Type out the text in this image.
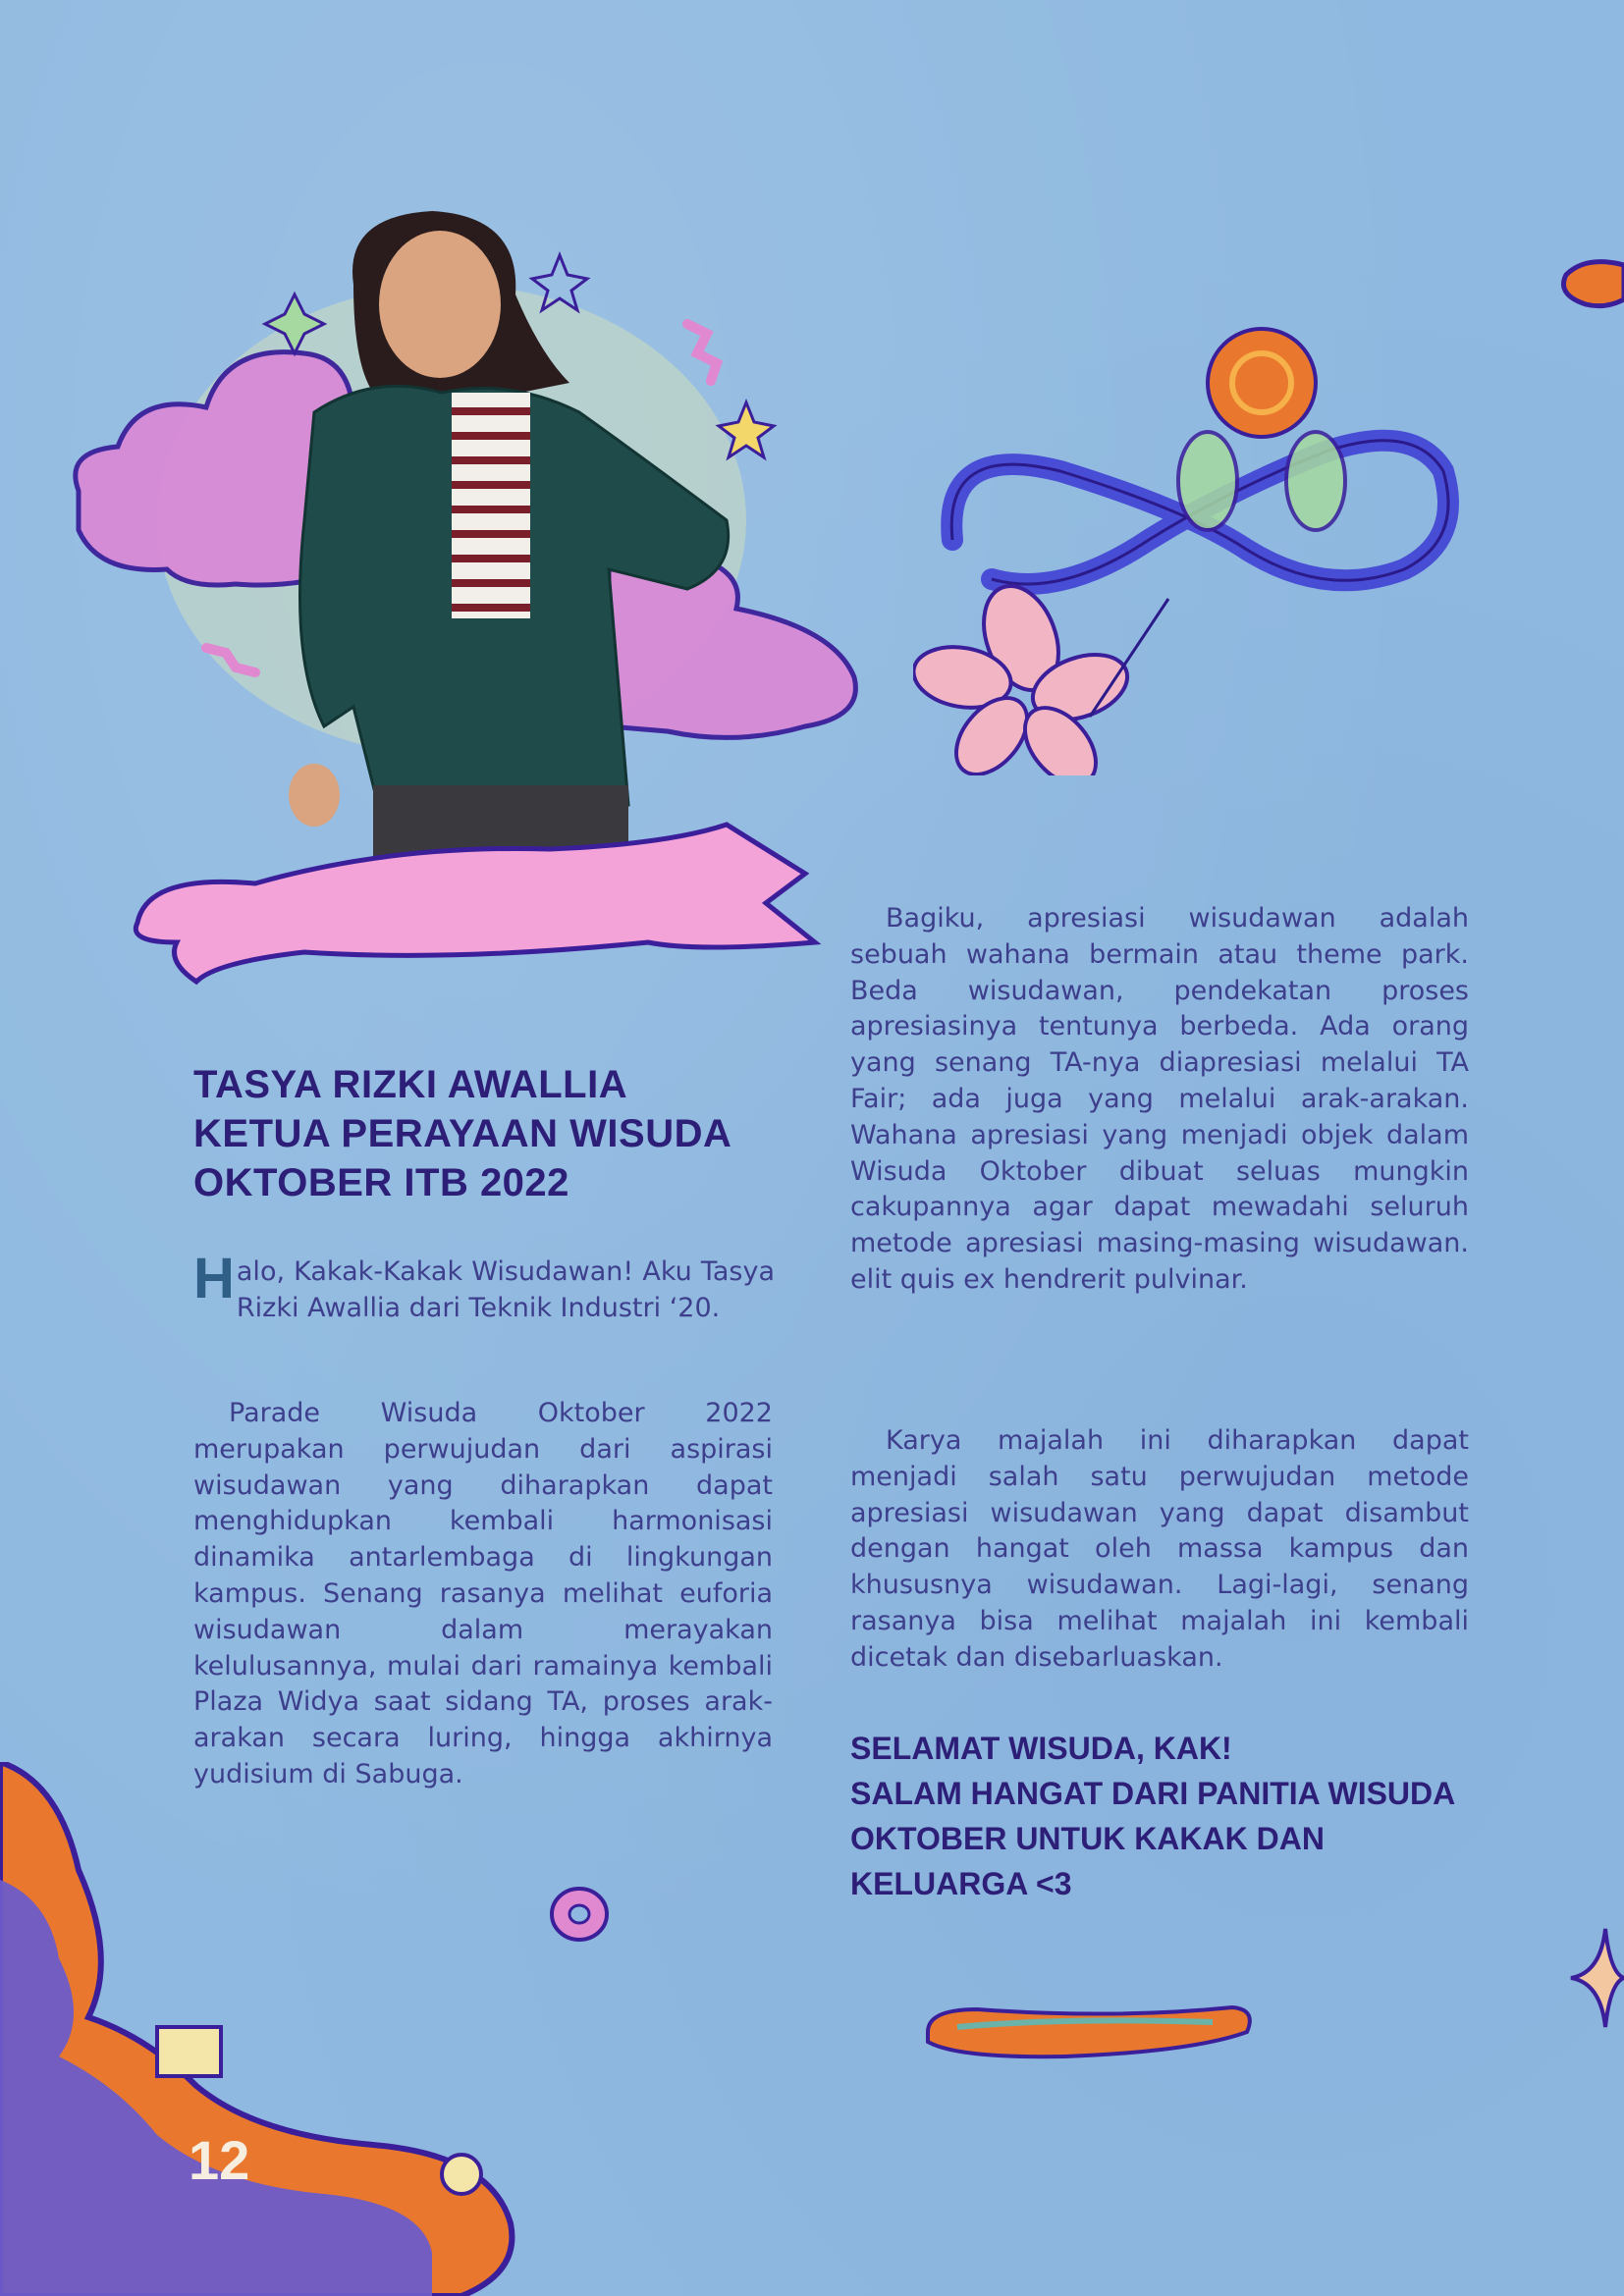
TASYA RIZKI AWALLIA
KETUA PERAYAAN WISUDA
OKTOBER ITB 2022

Halo, Kakak-Kakak Wisudawan! Aku Tasya Rizki Awallia dari Teknik Industri ‘20.

Parade Wisuda Oktober 2022 merupakan perwujudan dari aspirasi wisudawan yang diharapkan dapat menghidupkan kembali harmonisasi dinamika antarlembaga di lingkungan kampus. Senang rasanya melihat euforia wisudawan dalam merayakan kelulusannya, mulai dari ramainya kembali Plaza Widya saat sidang TA, proses arak-arakan secara luring, hingga akhirnya yudisium di Sabuga.

Bagiku, apresiasi wisudawan adalah sebuah wahana bermain atau theme park. Beda wisudawan, pendekatan proses apresiasinya tentunya berbeda. Ada orang yang senang TA-nya diapresiasi melalui TA Fair; ada juga yang melalui arak-arakan. Wahana apresiasi yang menjadi objek dalam Wisuda Oktober dibuat seluas mungkin cakupannya agar dapat mewadahi seluruh metode apresiasi masing-masing wisudawan. elit quis ex hendrerit pulvinar.

Karya majalah ini diharapkan dapat menjadi salah satu perwujudan metode apresiasi wisudawan yang dapat disambut dengan hangat oleh massa kampus dan khususnya wisudawan. Lagi-lagi, senang rasanya bisa melihat majalah ini kembali dicetak dan disebarluaskan.

SELAMAT WISUDA, KAK!
SALAM HANGAT DARI PANITIA WISUDA
OKTOBER UNTUK KAKAK DAN KELUARGA <3
12
